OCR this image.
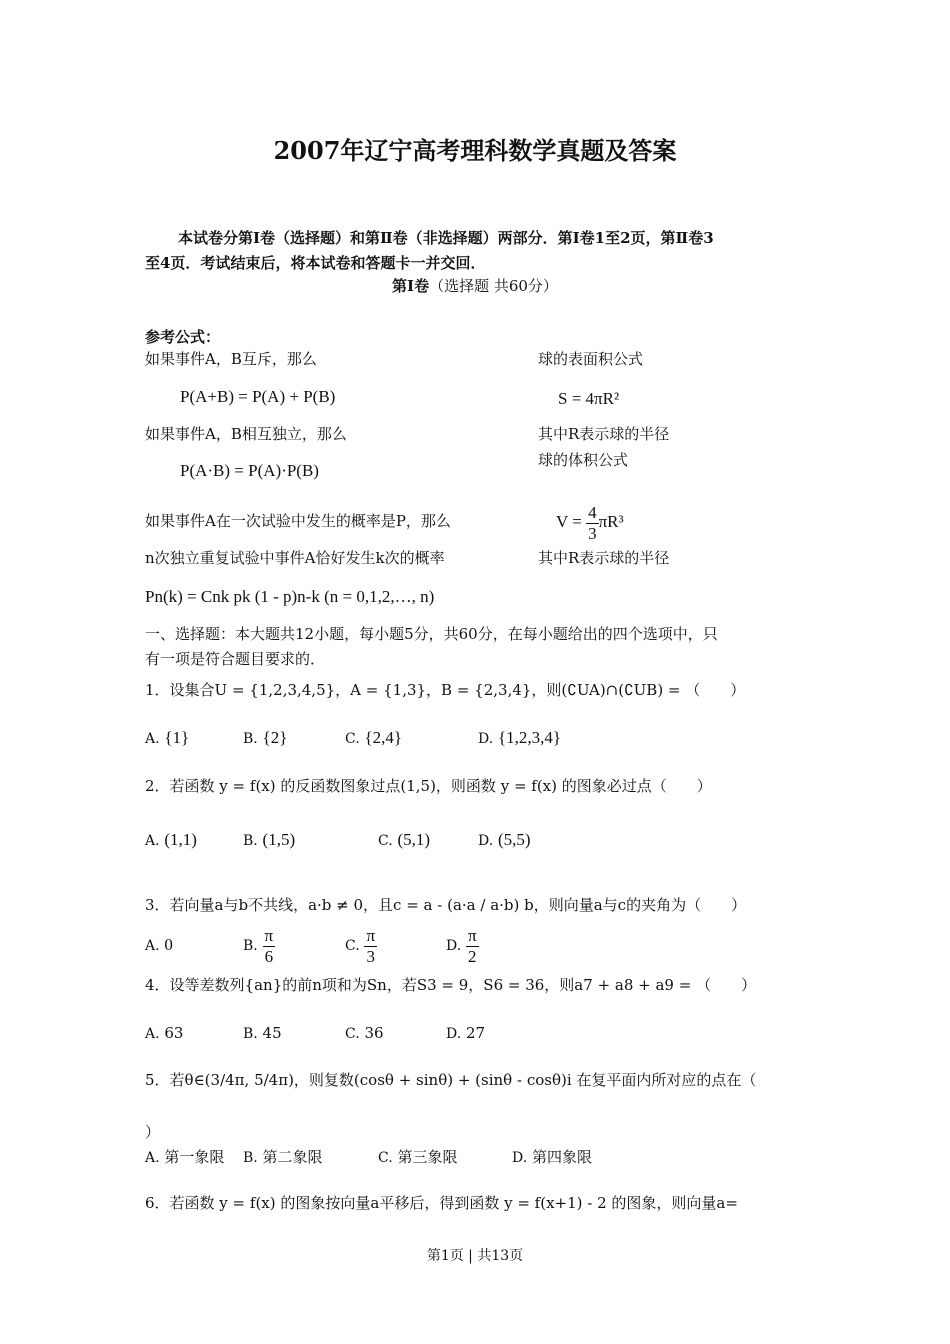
2007年辽宁高考理科数学真题及答案
本试卷分第Ⅰ卷（选择题）和第Ⅱ卷（非选择题）两部分．第Ⅰ卷1至2页，第Ⅱ卷3
至4页．考试结束后，将本试卷和答题卡一并交回．
第Ⅰ卷（选择题 共60分）
参考公式：
如果事件A，B互斥，那么
P(A+B) = P(A) + P(B)
如果事件A，B相互独立，那么
P(A·B) = P(A)·P(B)
如果事件A在一次试验中发生的概率是P，那么
n次独立重复试验中事件A恰好发生k次的概率
Pn(k) = Cnk pk (1 - p)n-k (n = 0,1,2,…, n)
球的表面积公式
S = 4πR²
其中R表示球的半径
球的体积公式
$V = \frac{4}{3} \pi R^3$
其中R表示球的半径
一、选择题：本大题共12小题，每小题5分，共60分，在每小题给出的四个选项中，只
有一项是符合题目要求的．
1．设集合U = {1,2,3,4,5}，A = {1,3}，B = {2,3,4}，则(∁UA)∩(∁UB) = （　　）
A. {1}	B. {2}	C. {2,4}	D. {1,2,3,4}
2．若函数 y = f(x) 的反函数图象过点(1,5)，则函数 y = f(x) 的图象必过点（　　）
A. (1,1)	B. (1,5)	C. (5,1)	D. (5,5)
3．若向量a与b不共线，a·b ≠ 0，且c = a - (a·a / a·b) b，则向量a与c的夹角为（　　）
A. 0	B. $\frac{\pi}{6}$	C. $\frac{\pi}{3}$	D. $\frac{\pi}{2}$
4．设等差数列{an}的前n项和为Sn，若S3 = 9，S6 = 36，则a7 + a8 + a9 = （　　）
A. 63	B. 45	C. 36	D. 27
5．若θ∈(3/4π, 5/4π)，则复数(cosθ + sinθ) + (sinθ - cosθ)i 在复平面内所对应的点在（
）
A. 第一象限 B. 第二象限	C. 第三象限	D. 第四象限
6．若函数 y = f(x) 的图象按向量a平移后，得到函数 y = f(x+1) - 2 的图象，则向量a=
第1页 | 共13页
